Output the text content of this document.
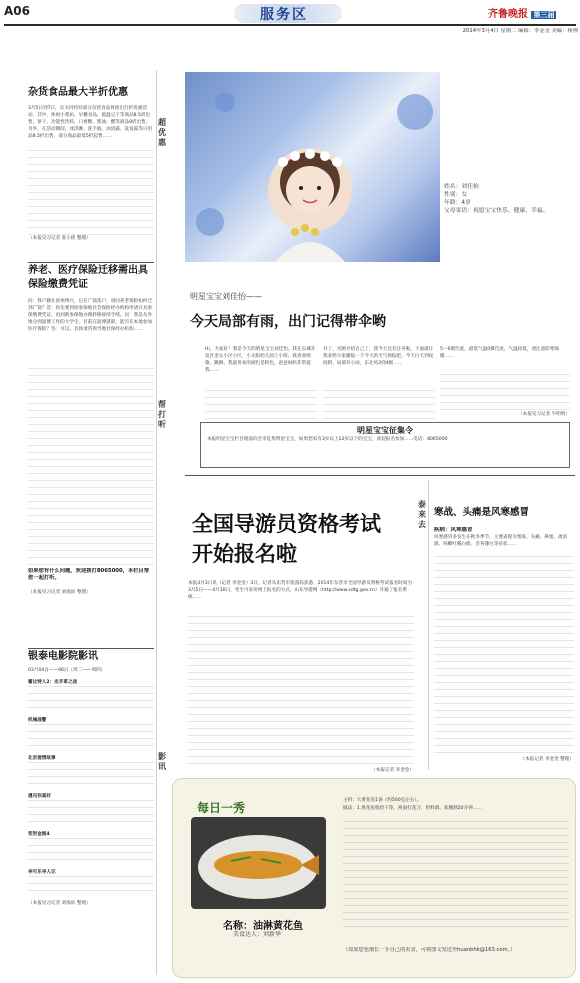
A06	服务区	齐鲁晚报 第三届
2014年3月4日 星期二 编辑：李金金 美编：杨翔
杂货食品最大半折优惠
3月5日到7日，东关玛特对部分杂货食品将推出打折优惠活动，其中，休闲小菜坊、早餐食品、低温豆干等商品8.5折出售，饼干、功能性饮料、口香糖、酱油、醋等商品9折出售。另外，在活动期间，冰淇淋、洗手液、沐浴露、洗发露等日用品8.5折出售，部分商品最低5折起售……
（本报见习记者 张小倩 整理）
养老、医疗保险迁移需出具保险缴费凭证
问：我户籍在滨州博兴，后在广饶落户，请问养老保险如何迁到广饶？答：你先要到原参保地社会保险经办机构申请开具参保缴费凭证，再到新参保地办理转移接续手续。问：我是从外地分到淄博工作的大学生，目前在淄博就职，能否在本地参加医疗保险？答：可以，具体请咨询当地社保经办机构……
如果您有什么问题，欢迎拨打8065000，本栏目帮您一起打听。
（本报见习记者 刘海滨 整理）
银泰电影院影讯
03月04日——06日（周二——周四）
霍比特人2：史矛革之战
机械战警
北京爱情故事
遇见你真好
变形金刚4
李可乐寻人记
（本报见习记者 刘海滨 整理）
超优惠
帮打听
影讯
姓名：刘佳怡
性别：女
年龄：4岁
父母寄语：祝愿宝宝快乐、健康、幸福。
明星宝宝刘佳怡——
今天局部有雨，出门记得带伞哟
Hi，大家好！我是今天的明星宝宝刘佳怡。我在东城开发区金太小区小区，小太阳幼儿园上小班。我喜欢唱歌、跳舞，我最喜欢的颜色是粉色，爸爸妈妈非常爱我……
对了，光顾介绍自己了，我今天还有任务呢。下面就让我来给大家播报一下今天的天气预报吧，今天白天到夜间阴，局部有小雨，东北风3到4级……
5～6摄氏度，最低气温0摄氏度。气温较低，请注意防寒保暖……
（本报见习记者 牛明明）
明星宝宝征集令
本报明星宝宝栏目现面向全市征集明星宝宝，如果您家有3岁以上12岁以下的宝宝，欢迎报名参加……电话：8065000
泰来去
全国导游员资格考试
开始报名啦
本报3月3日讯（记者 李金金）3日，记者从东营市旅游局获悉，2014年东营市全国导游员资格考试报名时间为3月5日——4月30日，考生可采用网上报名的方式，山东导游网（http://www.sdtg.gov.cn）开通了报名系统……
（本报记者 李金金）
寒战、头痛是风寒感冒
疾病：风寒感冒
风寒感冒多发生在秋冬季节，主要表现为寒战、头痛、鼻塞、流清涕、咳嗽吐稀白痰、舌苔薄白等症状……
（本报记者 李金金 整理）
每日一秀
名称：油淋黄花鱼
美食达人：刘新华
主料：大黄花鱼1条（约500克左右）。
做法：1.黄花鱼收拾干净，两面打花刀，用料酒、盐腌制20分钟……
（如果您也擅长一手自己的美食，可将图文发送至huanbhk@163.com。）
